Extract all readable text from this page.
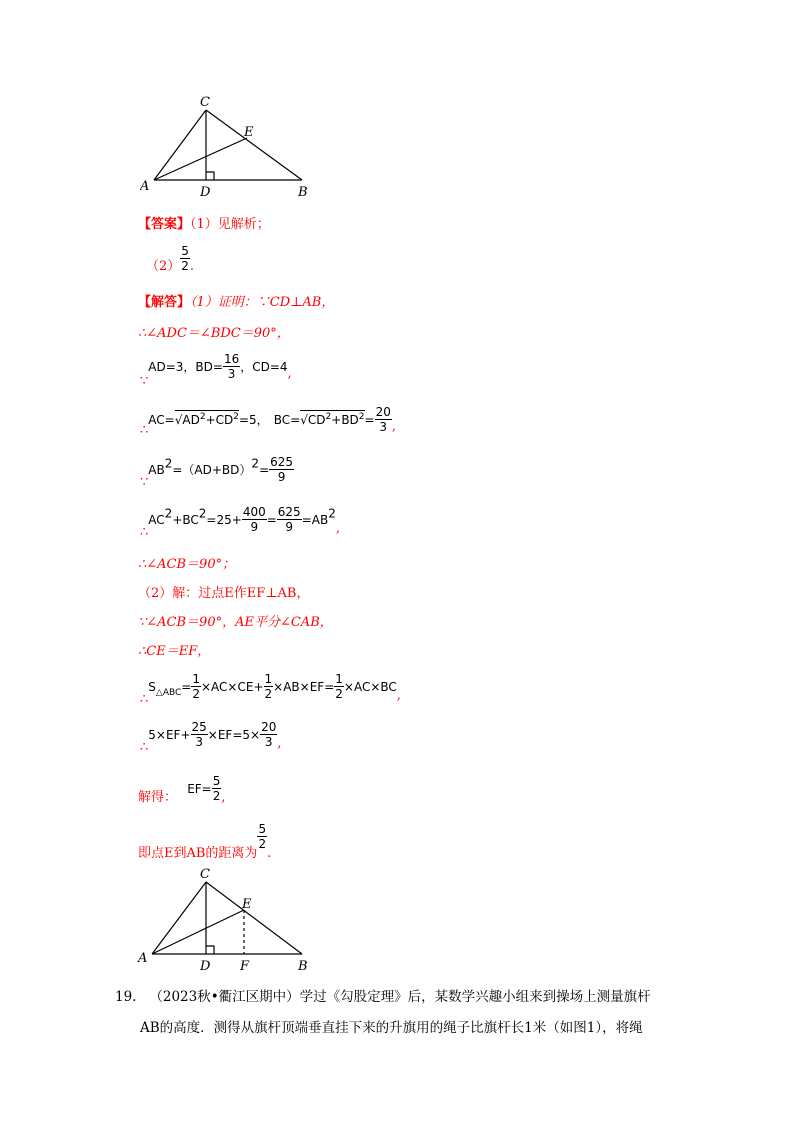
C
E
A	D	B
【答案】（1）见解析；
$(2) \frac{5}{2}$ .
【解答】（1）证明：∵CD⊥AB，
∴∠ADC＝∠BDC＝90°，
$_\because$AD=3，$BD= \frac{16}{3}$ ，$CD=4_,$
$_\therefore AC=√AD^2+CD^2=5$， $BC=√CD^2+BD^2= \frac{20}{3} _,$
$_\because AB^2=(AD+BD)^2= \frac{625}{9}$
$_\therefore AC^2+BC^2=25+ \frac{400}{9} = \frac{625}{9} =AB^2_,$
∴∠ACB＝90°；
（2）解：过点E作EF⊥AB，
∵∠ACB＝90°，AE平分∠CAB，
∴CE＝EF，
$_\therefore S_{\triangle ABC}= \frac{1}{2} \times AC\times CE+ \frac{1}{2} \times AB\times EF= \frac{1}{2} \times AC\times BC_,$
$_\therefore 5\times EF+ \frac{25}{3} \times EF=5\times \frac{20}{3} _,$
$_{解得:}$  $EF= \frac{5}{2} _,$
$_{即点E到AB的距离为}$
$\frac{5}{2}$
$_.$
C
E
A
D F	B
19. （2023秋•衢江区期中）学过《勾股定理》后，某数学兴趣小组来到操场上测量旗杆
AB的高度．测得从旗杆顶端垂直挂下来的升旗用的绳子比旗杆长1米（如图1），将绳
